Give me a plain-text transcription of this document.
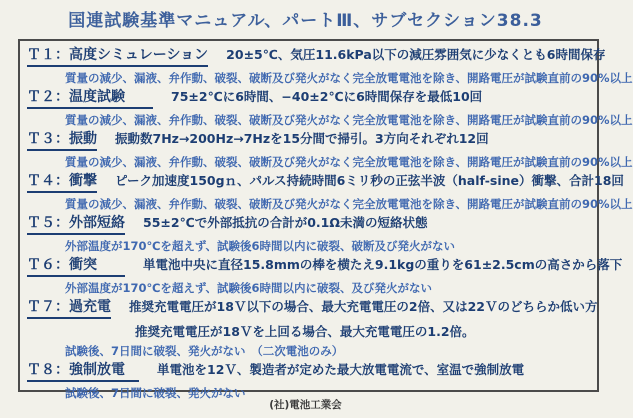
国連試験基準マニュアル、パートⅢ、サブセクション38.3
Ｔ１：高度シミュレーション 20±5℃、気圧11.6kPa以下の減圧雰囲気に少なくとも6時間保存
質量の減少、漏液、弁作動、破裂、破断及び発火がなく完全放電電池を除き、開路電圧が試験直前の90%以上
Ｔ２：温度試験　　 75±2℃に6時間、−40±2℃に6時間保存を最低10回
質量の減少、漏液、弁作動、破裂、破断及び発火がなく完全放電電池を除き、開路電圧が試験直前の90%以上
Ｔ３：振動 振動数7Hz→200Hz→7Hzを15分間で掃引。3方向それぞれ12回
質量の減少、漏液、弁作動、破裂、破断及び発火がなく完全放電電池を除き、開路電圧が試験直前の90%以上
Ｔ４：衝撃 ピーク加速度150gｎ、パルス持続時間6ミリ秒の正弦半波（half-sine）衝撃、合計18回
質量の減少、漏液、弁作動、破裂、破断及び発火がなく完全放電電池を除き、開路電圧が試験直前の90%以上
Ｔ５：外部短絡 55±2℃で外部抵抗の合計が0.1Ω未満の短絡状態
外部温度が170℃を超えず、試験後6時間以内に破裂、破断及び発火がない
Ｔ６：衝突　　 単電池中央に直径15.8mmの棒を横たえ9.1kgの重りを61±2.5cmの高さから落下
外部温度が170℃を超えず、試験後6時間以内に破裂、及び発火がない
Ｔ７：過充電 推奨充電電圧が18Ｖ以下の場合、最大充電電圧の2倍、又は22Ｖのどちらか低い方
推奨充電電圧が18Ｖを上回る場合、最大充電電圧の1.2倍。
試験後、7日間に破裂、発火がない　（二次電池のみ）
Ｔ８：強制放電　 単電池を12Ｖ、製造者が定めた最大放電電流で、室温で強制放電
試験後、7日間に破裂、発火がない
(社)電池工業会
